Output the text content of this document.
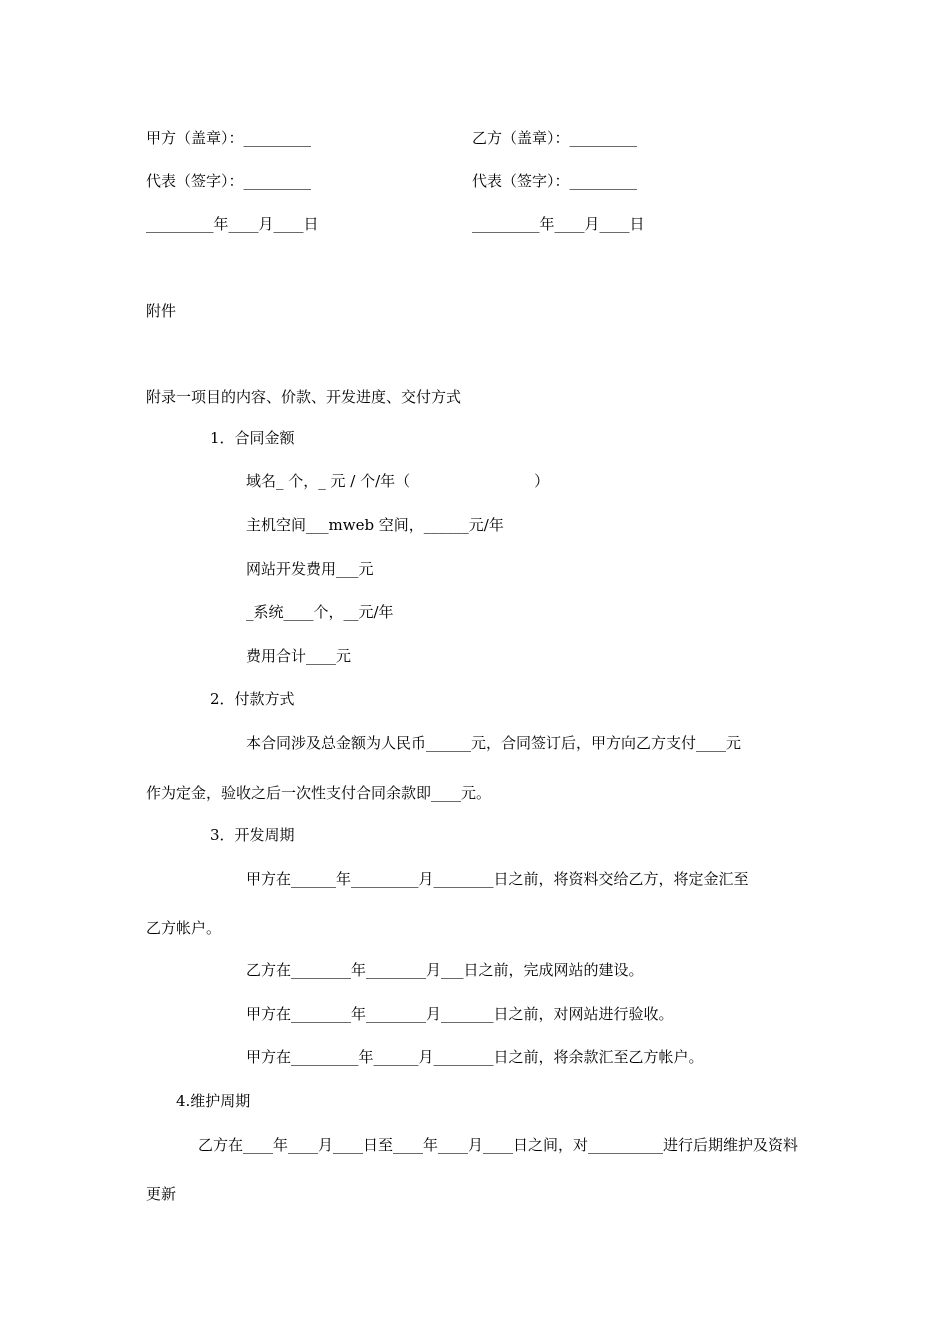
甲方（盖章）：_________	乙方（盖章）：_________
代表（签字）：_________	代表（签字）：_________
_________年____月____日	_________年____月____日
附件
附录一项目的内容、价款、开发进度、交付方式
1．合同金额
域名_ 个，_ 元 / 个/年（                          ）
主机空间___mweb 空间，______元/年
网站开发费用___元
_系统____个，__元/年
费用合计____元
2．付款方式
本合同涉及总金额为人民币______元，合同签订后，甲方向乙方支付____元
作为定金，验收之后一次性支付合同余款即____元。
3．开发周期
甲方在______年_________月________日之前，将资料交给乙方，将定金汇至
乙方帐户。
乙方在________年________月___日之前，完成网站的建设。
甲方在________年________月_______日之前，对网站进行验收。
甲方在_________年______月________日之前，将余款汇至乙方帐户。
4.维护周期
乙方在____年____月____日至____年____月____日之间，对__________进行后期维护及资料
更新
